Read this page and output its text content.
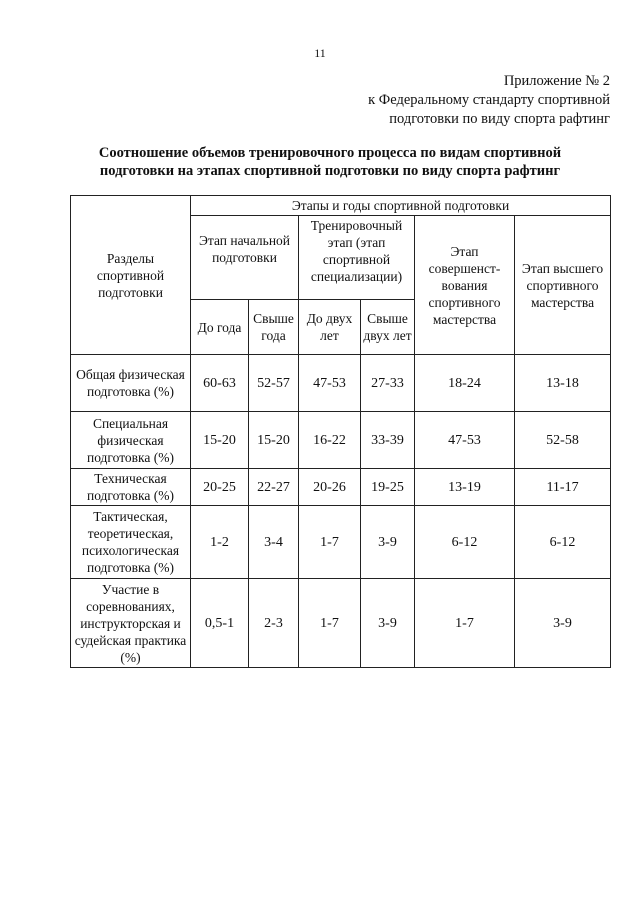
11
Приложение № 2
к Федеральному стандарту спортивной
подготовки по виду спорта рафтинг
Соотношение объемов тренировочного процесса по видам спортивной
подготовки на этапах спортивной подготовки по виду спорта рафтинг
Разделы спортивной подготовки	Этапы и годы спортивной подготовки					
	Этап начальной подготовки		Тренировочный этап (этап спортивной специализации)		Этап совершенст-вования спортивного мастерства	Этап высшего спортивного мастерства
	До года	Свыше года	До двух лет	Свыше двух лет		
Общая физическая подготовка (%)	60-63	52-57	47-53	27-33	18-24	13-18
Специальная физическая подготовка (%)	15-20	15-20	16-22	33-39	47-53	52-58
Техническая подготовка (%)	20-25	22-27	20-26	19-25	13-19	11-17
Тактическая, теоретическая, психологическая подготовка (%)	1-2	3-4	1-7	3-9	6-12	6-12
Участие в соревнованиях, инструкторская и судейская практика (%)	0,5-1	2-3	1-7	3-9	1-7	3-9
